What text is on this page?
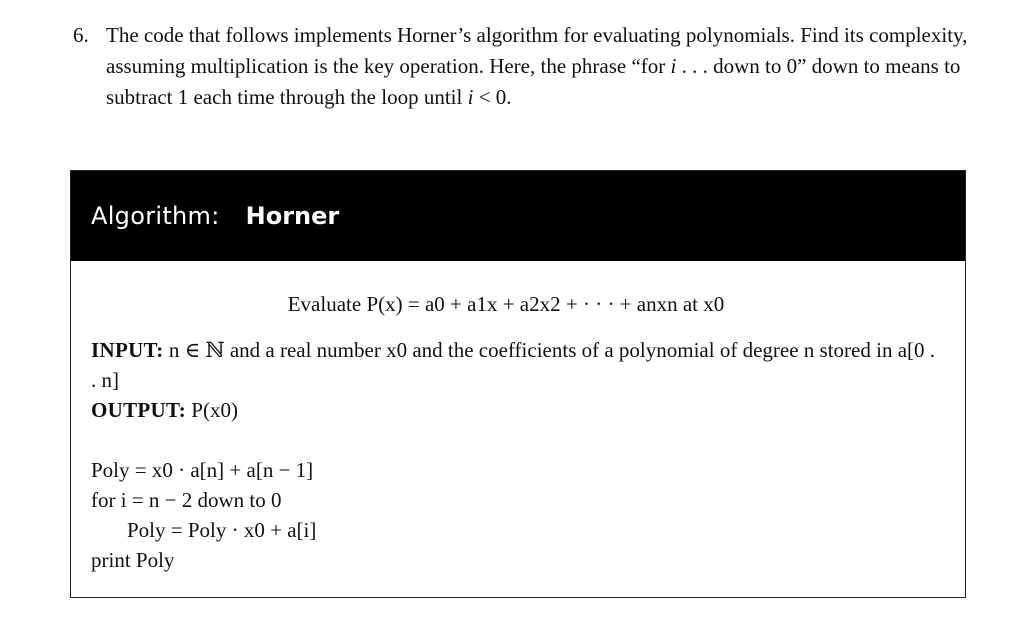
6. The code that follows implements Horner’s algorithm for evaluating polynomials. Find its complexity, assuming multiplication is the key operation. Here, the phrase “for i . . . down to 0” down to means to subtract 1 each time through the loop until i < 0.
Algorithm: Horner
Evaluate P(x) = a0 + a1x + a2x2 + · · · + anxn at x0
INPUT: n ∈ ℕ and a real number x0 and the coefficients of a polynomial of degree n stored in a[0 . . n]
OUTPUT: P(x0)
Poly = x0 · a[n] + a[n − 1]
for i = n − 2 down to 0
Poly = Poly · x0 + a[i]
print Poly
